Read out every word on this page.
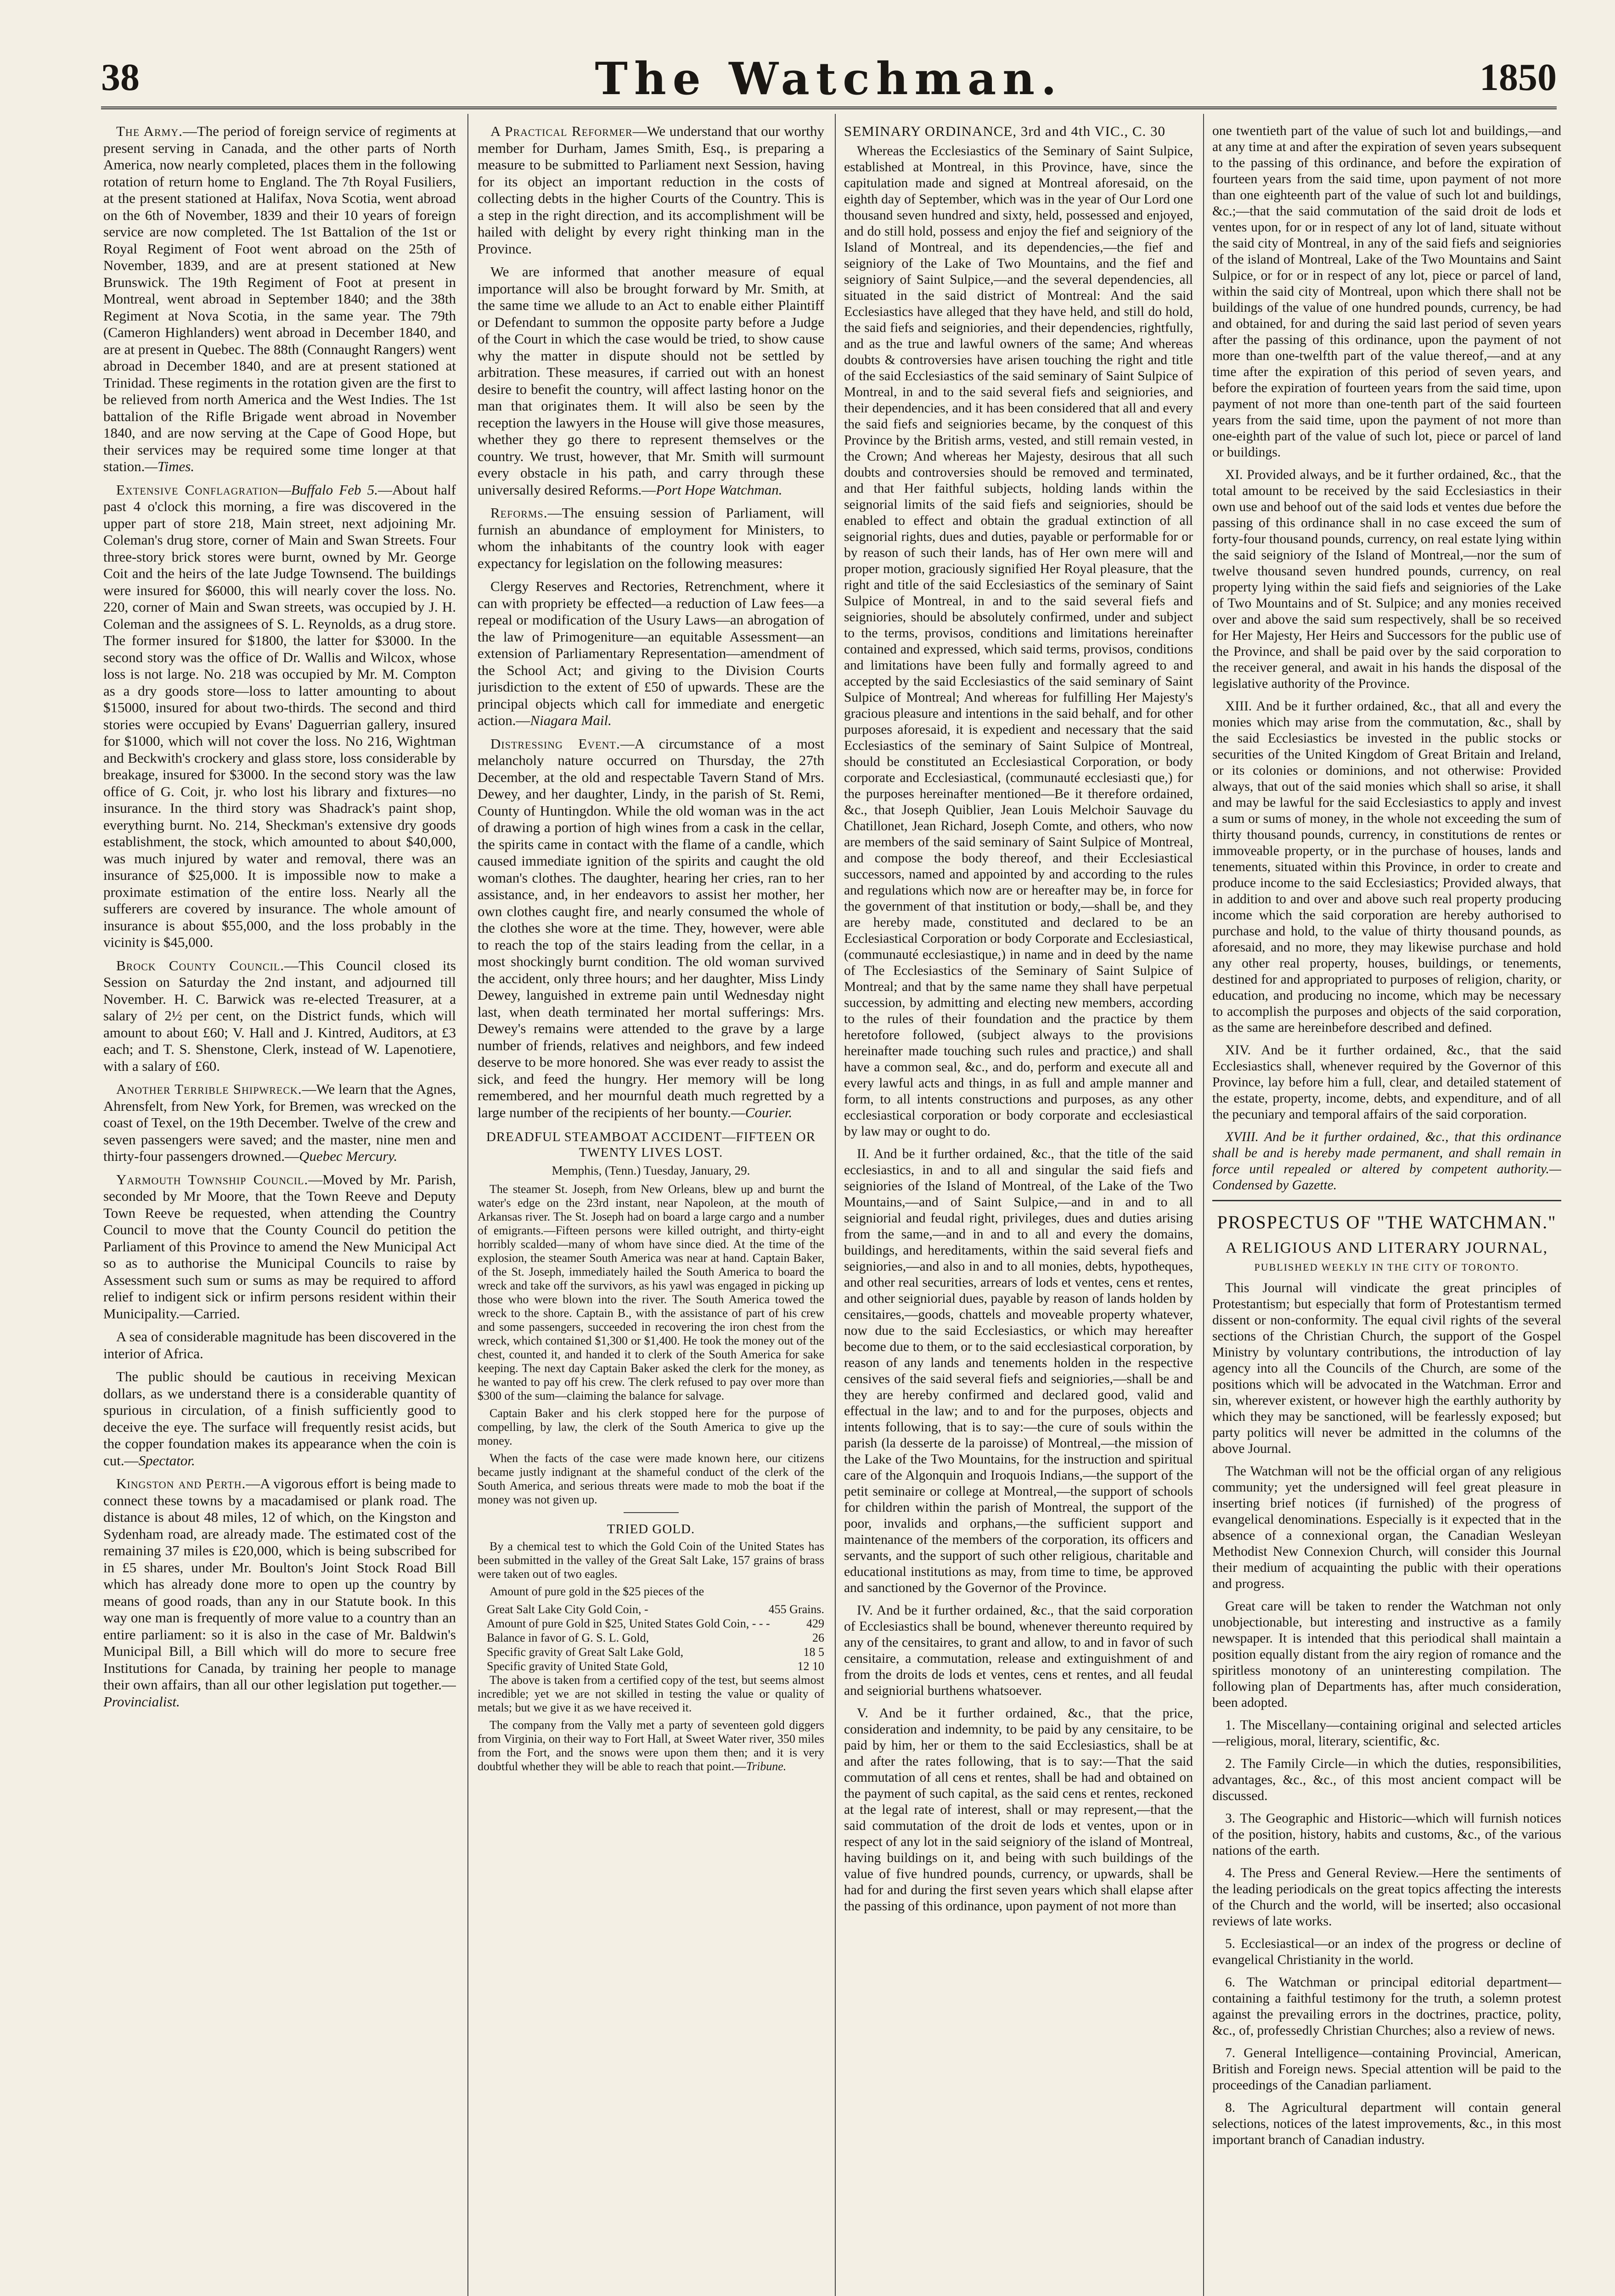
38	The Watchman.	1850

The Army.—The period of foreign service of regiments at present serving in Canada, and the other parts of North America, now nearly completed, places them in the following rotation of return home to England. The 7th Royal Fusiliers, at the present stationed at Halifax, Nova Scotia, went abroad on the 6th of November, 1839 and their 10 years of foreign service are now completed. The 1st Battalion of the 1st or Royal Regiment of Foot went abroad on the 25th of November, 1839, and are at present stationed at New Brunswick. The 19th Regiment of Foot at present in Montreal, went abroad in September 1840; and the 38th Regiment at Nova Scotia, in the same year. The 79th (Cameron Highlanders) went abroad in December 1840, and are at present in Quebec. The 88th (Connaught Rangers) went abroad in December 1840, and are at present stationed at Trinidad. These regiments in the rotation given are the first to be relieved from north America and the West Indies. The 1st battalion of the Rifle Brigade went abroad in November 1840, and are now serving at the Cape of Good Hope, but their services may be required some time longer at that station.—Times.

Extensive Conflagration—Buffalo Feb 5.—About half past 4 o'clock this morning, a fire was discovered in the upper part of store 218, Main street, next adjoining Mr. Coleman's drug store, corner of Main and Swan Streets. Four three-story brick stores were burnt, owned by Mr. George Coit and the heirs of the late Judge Townsend. The buildings were insured for $6000, this will nearly cover the loss. No. 220, corner of Main and Swan streets, was occupied by J. H. Coleman and the assignees of S. L. Reynolds, as a drug store. The former insured for $1800, the latter for $3000. In the second story was the office of Dr. Wallis and Wilcox, whose loss is not large. No. 218 was occupied by Mr. M. Compton as a dry goods store—loss to latter amounting to about $15000, insured for about two-thirds. The second and third stories were occupied by Evans' Daguerrian gallery, insured for $1000, which will not cover the loss. No 216, Wightman and Beckwith's crockery and glass store, loss considerable by breakage, insured for $3000. In the second story was the law office of G. Coit, jr. who lost his library and fixtures—no insurance. In the third story was Shadrack's paint shop, everything burnt. No. 214, Sheckman's extensive dry goods establishment, the stock, which amounted to about $40,000, was much injured by water and removal, there was an insurance of $25,000. It is impossible now to make a proximate estimation of the entire loss. Nearly all the sufferers are covered by insurance. The whole amount of insurance is about $55,000, and the loss probably in the vicinity is $45,000.

Brock County Council.—This Council closed its Session on Saturday the 2nd instant, and adjourned till November. H. C. Barwick was re-elected Treasurer, at a salary of 2½ per cent, on the District funds, which will amount to about £60; V. Hall and J. Kintred, Auditors, at £3 each; and T. S. Shenstone, Clerk, instead of W. Lapenotiere, with a salary of £60.

Another Terrible Shipwreck.—We learn that the Agnes, Ahrensfelt, from New York, for Bremen, was wrecked on the coast of Texel, on the 19th December. Twelve of the crew and seven passengers were saved; and the master, nine men and thirty-four passengers drowned.—Quebec Mercury.

Yarmouth Township Council.—Moved by Mr. Parish, seconded by Mr Moore, that the Town Reeve and Deputy Town Reeve be requested, when attending the Country Council to move that the County Council do petition the Parliament of this Province to amend the New Municipal Act so as to authorise the Municipal Councils to raise by Assessment such sum or sums as may be required to afford relief to indigent sick or infirm persons resident within their Municipality.—Carried.

A sea of considerable magnitude has been discovered in the interior of Africa.

The public should be cautious in receiving Mexican dollars, as we understand there is a considerable quantity of spurious in circulation, of a finish sufficiently good to deceive the eye. The surface will frequently resist acids, but the copper foundation makes its appearance when the coin is cut.—Spectator.

Kingston and Perth.—A vigorous effort is being made to connect these towns by a macadamised or plank road. The distance is about 48 miles, 12 of which, on the Kingston and Sydenham road, are already made. The estimated cost of the remaining 37 miles is £20,000, which is being subscribed for in £5 shares, under Mr. Boulton's Joint Stock Road Bill which has already done more to open up the country by means of good roads, than any in our Statute book. In this way one man is frequently of more value to a country than an entire parliament: so it is also in the case of Mr. Baldwin's Municipal Bill, a Bill which will do more to secure free Institutions for Canada, by training her people to manage their own affairs, than all our other legislation put together.—Provincialist.

A Practical Reformer—We understand that our worthy member for Durham, James Smith, Esq., is preparing a measure to be submitted to Parliament next Session, having for its object an important reduction in the costs of collecting debts in the higher Courts of the Country. This is a step in the right direction, and its accomplishment will be hailed with delight by every right thinking man in the Province.

We are informed that another measure of equal importance will also be brought forward by Mr. Smith, at the same time we allude to an Act to enable either Plaintiff or Defendant to summon the opposite party before a Judge of the Court in which the case would be tried, to show cause why the matter in dispute should not be settled by arbitration. These measures, if carried out with an honest desire to benefit the country, will affect lasting honor on the man that originates them. It will also be seen by the reception the lawyers in the House will give those measures, whether they go there to represent themselves or the country. We trust, however, that Mr. Smith will surmount every obstacle in his path, and carry through these universally desired Reforms.—Port Hope Watchman.

Reforms.—The ensuing session of Parliament, will furnish an abundance of employment for Ministers, to whom the inhabitants of the country look with eager expectancy for legislation on the following measures:

Clergy Reserves and Rectories, Retrenchment, where it can with propriety be effected—a reduction of Law fees—a repeal or modification of the Usury Laws—an abrogation of the law of Primogeniture—an equitable Assessment—an extension of Parliamentary Representation—amendment of the School Act; and giving to the Division Courts jurisdiction to the extent of £50 of upwards. These are the principal objects which call for immediate and energetic action.—Niagara Mail.

Distressing Event.—A circumstance of a most melancholy nature occurred on Thursday, the 27th December, at the old and respectable Tavern Stand of Mrs. Dewey, and her daughter, Lindy, in the parish of St. Remi, County of Huntingdon. While the old woman was in the act of drawing a portion of high wines from a cask in the cellar, the spirits came in contact with the flame of a candle, which caused immediate ignition of the spirits and caught the old woman's clothes. The daughter, hearing her cries, ran to her assistance, and, in her endeavors to assist her mother, her own clothes caught fire, and nearly consumed the whole of the clothes she wore at the time. They, however, were able to reach the top of the stairs leading from the cellar, in a most shockingly burnt condition. The old woman survived the accident, only three hours; and her daughter, Miss Lindy Dewey, languished in extreme pain until Wednesday night last, when death terminated her mortal sufferings: Mrs. Dewey's remains were attended to the grave by a large number of friends, relatives and neighbors, and few indeed deserve to be more honored. She was ever ready to assist the sick, and feed the hungry. Her memory will be long remembered, and her mournful death much regretted by a large number of the recipients of her bounty.—Courier.

DREADFUL STEAMBOAT ACCIDENT—FIFTEEN OR TWENTY LIVES LOST.
Memphis, (Tenn.) Tuesday, January, 29.

The steamer St. Joseph, from New Orleans, blew up and burnt the water's edge on the 23rd instant, near Napoleon, at the mouth of Arkansas river. The St. Joseph had on board a large cargo and a number of emigrants.—Fifteen persons were killed outright, and thirty-eight horribly scalded—many of whom have since died. At the time of the explosion, the steamer South America was near at hand. Captain Baker, of the St. Joseph, immediately hailed the South America to board the wreck and take off the survivors, as his yawl was engaged in picking up those who were blown into the river. The South America towed the wreck to the shore. Captain B., with the assistance of part of his crew and some passengers, succeeded in recovering the iron chest from the wreck, which contained $1,300 or $1,400. He took the money out of the chest, counted it, and handed it to clerk of the South America for sake keeping. The next day Captain Baker asked the clerk for the money, as he wanted to pay off his crew. The clerk refused to pay over more than $300 of the sum—claiming the balance for salvage.

Captain Baker and his clerk stopped here for the purpose of compelling, by law, the clerk of the South America to give up the money.

When the facts of the case were made known here, our citizens became justly indignant at the shameful conduct of the clerk of the South America, and serious threats were made to mob the boat if the money was not given up.

TRIED GOLD.

By a chemical test to which the Gold Coin of the United States has been submitted in the valley of the Great Salt Lake, 157 grains of brass were taken out of two eagles.

Amount of pure gold in the $25 pieces of the

Great Salt Lake City Gold Coin, -	455 Grains.
Amount of pure Gold in $25, United States Gold Coin, - - -	429
Balance in favor of G. S. L. Gold,	26
Specific gravity of Great Salt Lake Gold,	18 5
Specific gravity of United State Gold,	12 10

The above is taken from a certified copy of the test, but seems almost incredible; yet we are not skilled in testing the value or quality of metals; but we give it as we have received it.

The company from the Vally met a party of seventeen gold diggers from Virginia, on their way to Fort Hall, at Sweet Water river, 350 miles from the Fort, and the snows were upon them then; and it is very doubtful whether they will be able to reach that point.—Tribune.

SEMINARY ORDINANCE, 3rd and 4th VIC., C. 30

Whereas the Ecclesiastics of the Seminary of Saint Sulpice, established at Montreal, in this Province, have, since the capitulation made and signed at Montreal aforesaid, on the eighth day of September, which was in the year of Our Lord one thousand seven hundred and sixty, held, possessed and enjoyed, and do still hold, possess and enjoy the fief and seigniory of the Island of Montreal, and its dependencies,—the fief and seigniory of the Lake of Two Mountains, and the fief and seigniory of Saint Sulpice,—and the several dependencies, all situated in the said district of Montreal: And the said Ecclesiastics have alleged that they have held, and still do hold, the said fiefs and seigniories, and their dependencies, rightfully, and as the true and lawful owners of the same; And whereas doubts & controversies have arisen touching the right and title of the said Ecclesiastics of the said seminary of Saint Sulpice of Montreal, in and to the said several fiefs and seigniories, and their dependencies, and it has been considered that all and every the said fiefs and seigniories became, by the conquest of this Province by the British arms, vested, and still remain vested, in the Crown; And whereas her Majesty, desirous that all such doubts and controversies should be removed and terminated, and that Her faithful subjects, holding lands within the seignorial limits of the said fiefs and seigniories, should be enabled to effect and obtain the gradual extinction of all seignorial rights, dues and duties, payable or performable for or by reason of such their lands, has of Her own mere will and proper motion, graciously signified Her Royal pleasure, that the right and title of the said Ecclesiastics of the seminary of Saint Sulpice of Montreal, in and to the said several fiefs and seigniories, should be absolutely confirmed, under and subject to the terms, provisos, conditions and limitations hereinafter contained and expressed, which said terms, provisos, conditions and limitations have been fully and formally agreed to and accepted by the said Ecclesiastics of the said seminary of Saint Sulpice of Montreal; And whereas for fulfilling Her Majesty's gracious pleasure and intentions in the said behalf, and for other purposes aforesaid, it is expedient and necessary that the said Ecclesiastics of the seminary of Saint Sulpice of Montreal, should be constituted an Ecclesiastical Corporation, or body corporate and Ecclesiastical, (communauté ecclesiasti que,) for the purposes hereinafter mentioned—Be it therefore ordained, &c., that Joseph Quiblier, Jean Louis Melchoir Sauvage du Chatillonet, Jean Richard, Joseph Comte, and others, who now are members of the said seminary of Saint Sulpice of Montreal, and compose the body thereof, and their Ecclesiastical successors, named and appointed by and according to the rules and regulations which now are or hereafter may be, in force for the government of that institution or body,—shall be, and they are hereby made, constituted and declared to be an Ecclesiastical Corporation or body Corporate and Ecclesiastical, (communauté ecclesiastique,) in name and in deed by the name of The Ecclesiastics of the Seminary of Saint Sulpice of Montreal; and that by the same name they shall have perpetual succession, by admitting and electing new members, according to the rules of their foundation and the practice by them heretofore followed, (subject always to the provisions hereinafter made touching such rules and practice,) and shall have a common seal, &c., and do, perform and execute all and every lawful acts and things, in as full and ample manner and form, to all intents constructions and purposes, as any other ecclesiastical corporation or body corporate and ecclesiastical by law may or ought to do.

II. And be it further ordained, &c., that the title of the said ecclesiastics, in and to all and singular the said fiefs and seigniories of the Island of Montreal, of the Lake of the Two Mountains,—and of Saint Sulpice,—and in and to all seigniorial and feudal right, privileges, dues and duties arising from the same,—and in and to all and every the domains, buildings, and hereditaments, within the said several fiefs and seigniories,—and also in and to all monies, debts, hypotheques, and other real securities, arrears of lods et ventes, cens et rentes, and other seigniorial dues, payable by reason of lands holden by censitaires,—goods, chattels and moveable property whatever, now due to the said Ecclesiastics, or which may hereafter become due to them, or to the said ecclesiastical corporation, by reason of any lands and tenements holden in the respective censives of the said several fiefs and seigniories,—shall be and they are hereby confirmed and declared good, valid and effectual in the law; and to and for the purposes, objects and intents following, that is to say:—the cure of souls within the parish (la desserte de la paroisse) of Montreal,—the mission of the Lake of the Two Mountains, for the instruction and spiritual care of the Algonquin and Iroquois Indians,—the support of the petit seminaire or college at Montreal,—the support of schools for children within the parish of Montreal, the support of the poor, invalids and orphans,—the sufficient support and maintenance of the members of the corporation, its officers and servants, and the support of such other religious, charitable and educational institutions as may, from time to time, be approved and sanctioned by the Governor of the Province.

IV. And be it further ordained, &c., that the said corporation of Ecclesiastics shall be bound, whenever thereunto required by any of the censitaires, to grant and allow, to and in favor of such censitaire, a commutation, release and extinguishment of and from the droits de lods et ventes, cens et rentes, and all feudal and seigniorial burthens whatsoever.

V. And be it further ordained, &c., that the price, consideration and indemnity, to be paid by any censitaire, to be paid by him, her or them to the said Ecclesiastics, shall be at and after the rates following, that is to say:—That the said commutation of all cens et rentes, shall be had and obtained on the payment of such capital, as the said cens et rentes, reckoned at the legal rate of interest, shall or may represent,—that the said commutation of the droit de lods et ventes, upon or in respect of any lot in the said seigniory of the island of Montreal, having buildings on it, and being with such buildings of the value of five hundred pounds, currency, or upwards, shall be had for and during the first seven years which shall elapse after the passing of this ordinance, upon payment of not more than

one twentieth part of the value of such lot and buildings,—and at any time at and after the expiration of seven years subsequent to the passing of this ordinance, and before the expiration of fourteen years from the said time, upon payment of not more than one eighteenth part of the value of such lot and buildings, &c.;—that the said commutation of the said droit de lods et ventes upon, for or in respect of any lot of land, situate without the said city of Montreal, in any of the said fiefs and seigniories of the island of Montreal, Lake of the Two Mountains and Saint Sulpice, or for or in respect of any lot, piece or parcel of land, within the said city of Montreal, upon which there shall not be buildings of the value of one hundred pounds, currency, be had and obtained, for and during the said last period of seven years after the passing of this ordinance, upon the payment of not more than one-twelfth part of the value thereof,—and at any time after the expiration of this period of seven years, and before the expiration of fourteen years from the said time, upon payment of not more than one-tenth part of the said fourteen years from the said time, upon the payment of not more than one-eighth part of the value of such lot, piece or parcel of land or buildings.

XI. Provided always, and be it further ordained, &c., that the total amount to be received by the said Ecclesiastics in their own use and behoof out of the said lods et ventes due before the passing of this ordinance shall in no case exceed the sum of forty-four thousand pounds, currency, on real estate lying within the said seigniory of the Island of Montreal,—nor the sum of twelve thousand seven hundred pounds, currency, on real property lying within the said fiefs and seigniories of the Lake of Two Mountains and of St. Sulpice; and any monies received over and above the said sum respectively, shall be so received for Her Majesty, Her Heirs and Successors for the public use of the Province, and shall be paid over by the said corporation to the receiver general, and await in his hands the disposal of the legislative authority of the Province.

XIII. And be it further ordained, &c., that all and every the monies which may arise from the commutation, &c., shall by the said Ecclesiastics be invested in the public stocks or securities of the United Kingdom of Great Britain and Ireland, or its colonies or dominions, and not otherwise: Provided always, that out of the said monies which shall so arise, it shall and may be lawful for the said Ecclesiastics to apply and invest a sum or sums of money, in the whole not exceeding the sum of thirty thousand pounds, currency, in constitutions de rentes or immoveable property, or in the purchase of houses, lands and tenements, situated within this Province, in order to create and produce income to the said Ecclesiastics; Provided always, that in addition to and over and above such real property producing income which the said corporation are hereby authorised to purchase and hold, to the value of thirty thousand pounds, as aforesaid, and no more, they may likewise purchase and hold any other real property, houses, buildings, or tenements, destined for and appropriated to purposes of religion, charity, or education, and producing no income, which may be necessary to accomplish the purposes and objects of the said corporation, as the same are hereinbefore described and defined.

XIV. And be it further ordained, &c., that the said Ecclesiastics shall, whenever required by the Governor of this Province, lay before him a full, clear, and detailed statement of the estate, property, income, debts, and expenditure, and of all the pecuniary and temporal affairs of the said corporation.

XVIII. And be it further ordained, &c., that this ordinance shall be and is hereby made permanent, and shall remain in force until repealed or altered by competent authority.—Condensed by Gazette.

PROSPECTUS OF "THE WATCHMAN."
A RELIGIOUS AND LITERARY JOURNAL,
PUBLISHED WEEKLY IN THE CITY OF TORONTO.

This Journal will vindicate the great principles of Protestantism; but especially that form of Protestantism termed dissent or non-conformity. The equal civil rights of the several sections of the Christian Church, the support of the Gospel Ministry by voluntary contributions, the introduction of lay agency into all the Councils of the Church, are some of the positions which will be advocated in the Watchman. Error and sin, wherever existent, or however high the earthly authority by which they may be sanctioned, will be fearlessly exposed; but party politics will never be admitted in the columns of the above Journal.

The Watchman will not be the official organ of any religious community; yet the undersigned will feel great pleasure in inserting brief notices (if furnished) of the progress of evangelical denominations. Especially is it expected that in the absence of a connexional organ, the Canadian Wesleyan Methodist New Connexion Church, will consider this Journal their medium of acquainting the public with their operations and progress.

Great care will be taken to render the Watchman not only unobjectionable, but interesting and instructive as a family newspaper. It is intended that this periodical shall maintain a position equally distant from the airy region of romance and the spiritless monotony of an uninteresting compilation. The following plan of Departments has, after much consideration, been adopted.

1. The Miscellany—containing original and selected articles—religious, moral, literary, scientific, &c.

2. The Family Circle—in which the duties, responsibilities, advantages, &c., &c., of this most ancient compact will be discussed.

3. The Geographic and Historic—which will furnish notices of the position, history, habits and customs, &c., of the various nations of the earth.

4. The Press and General Review.—Here the sentiments of the leading periodicals on the great topics affecting the interests of the Church and the world, will be inserted; also occasional reviews of late works.

5. Ecclesiastical—or an index of the progress or decline of evangelical Christianity in the world.

6. The Watchman or principal editorial department—containing a faithful testimony for the truth, a solemn protest against the prevailing errors in the doctrines, practice, polity, &c., of, professedly Christian Churches; also a review of news.

7. General Intelligence—containing Provincial, American, British and Foreign news. Special attention will be paid to the proceedings of the Canadian parliament.

8. The Agricultural department will contain general selections, notices of the latest improvements, &c., in this most important branch of Canadian industry.
